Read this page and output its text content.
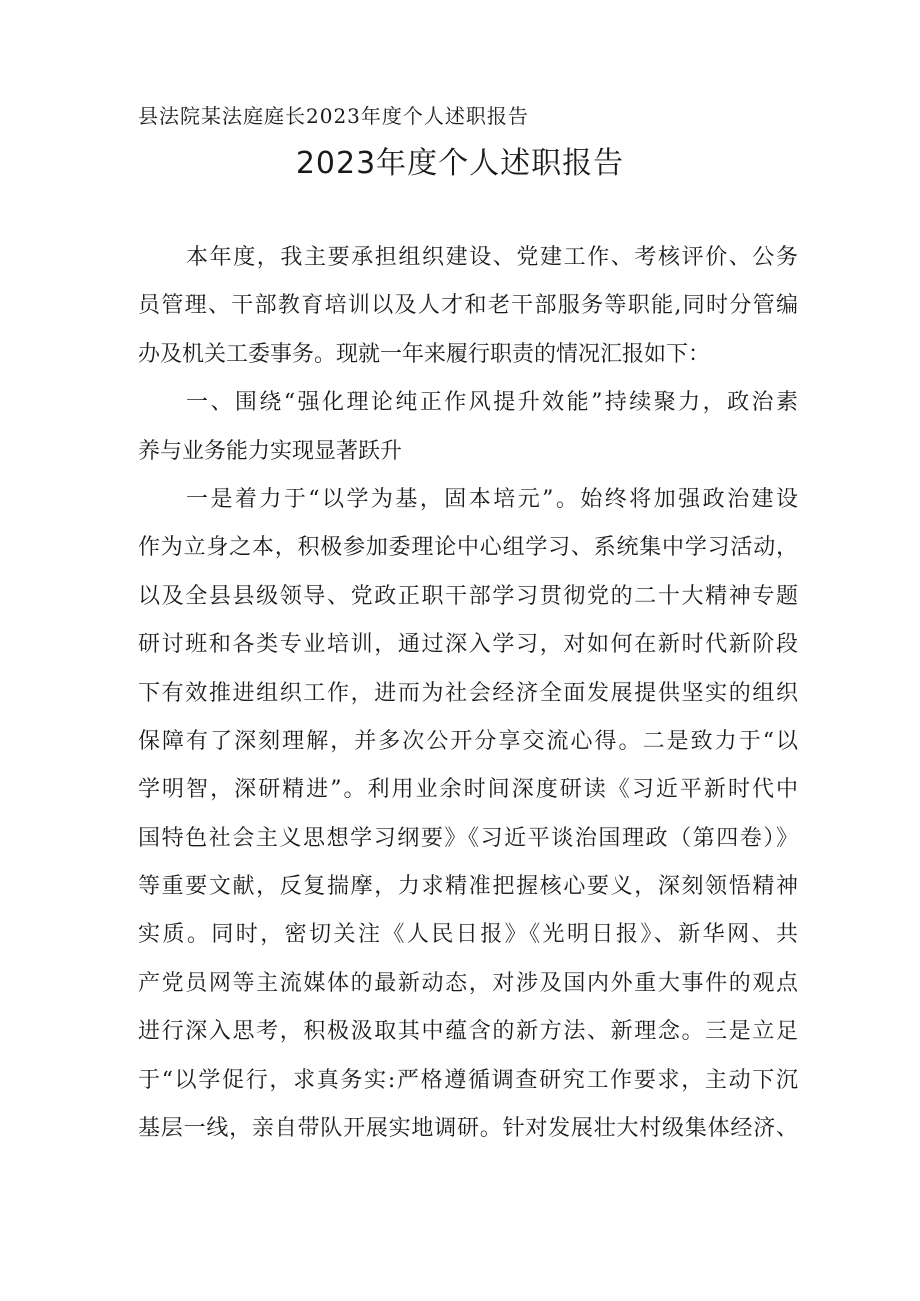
县法院某法庭庭长2023年度个人述职报告
2023年度个人述职报告
本年度，我主要承担组织建设、党建工作、考核评价、公务
员管理、干部教育培训以及人才和老干部服务等职能,同时分管编
办及机关工委事务。现就一年来履行职责的情况汇报如下：
一、围绕“强化理论纯正作风提升效能”持续聚力，政治素
养与业务能力实现显著跃升
一是着力于“以学为基，固本培元”。始终将加强政治建设
作为立身之本，积极参加委理论中心组学习、系统集中学习活动，
以及全县县级领导、党政正职干部学习贯彻党的二十大精神专题
研讨班和各类专业培训，通过深入学习，对如何在新时代新阶段
下有效推进组织工作，进而为社会经济全面发展提供坚实的组织
保障有了深刻理解，并多次公开分享交流心得。二是致力于“以
学明智，深研精进”。利用业余时间深度研读《习近平新时代中
国特色社会主义思想学习纲要》《习近平谈治国理政（第四卷）》
等重要文献，反复揣摩，力求精准把握核心要义，深刻领悟精神
实质。同时，密切关注《人民日报》《光明日报》、新华网、共
产党员网等主流媒体的最新动态，对涉及国内外重大事件的观点
进行深入思考，积极汲取其中蕴含的新方法、新理念。三是立足
于“以学促行，求真务实:严格遵循调查研究工作要求，主动下沉
基层一线，亲自带队开展实地调研。针对发展壮大村级集体经济、
